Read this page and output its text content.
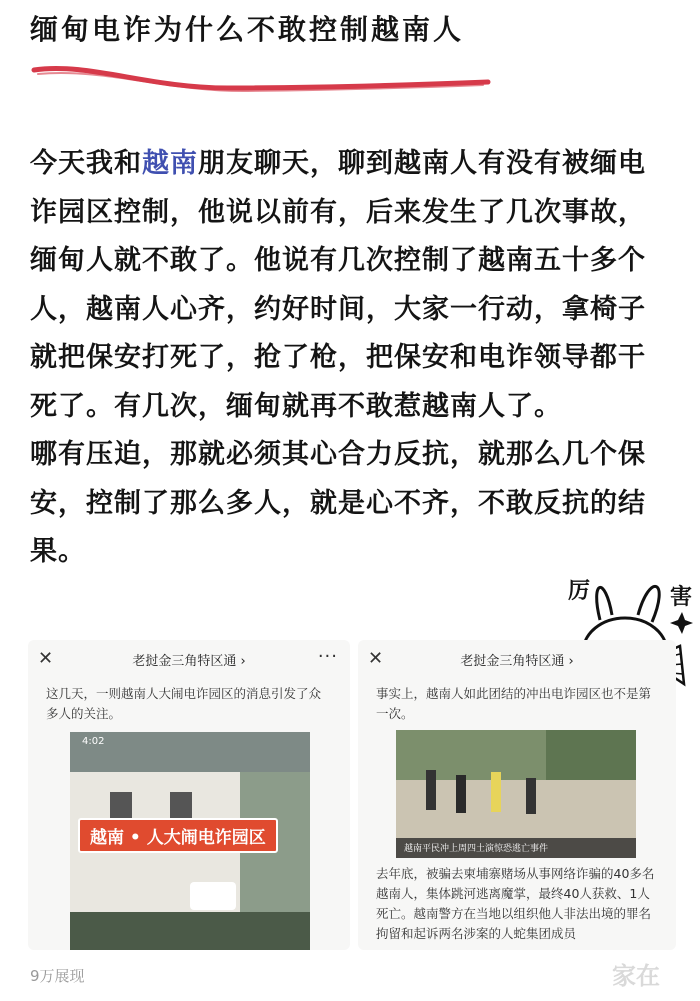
缅甸电诈为什么不敢控制越南人

今天我和越南朋友聊天，聊到越南人有没有被缅电诈园区控制，他说以前有，后来发生了几次事故，缅甸人就不敢了。他说有几次控制了越南五十多个人，越南人心齐，约好时间，大家一行动，拿椅子就把保安打死了，抢了枪，把保安和电诈领导都干死了。有几次，缅甸就再不敢惹越南人了。

哪有压迫，那就必须其心合力反抗，就那么几个保安，控制了那么多人，就是心不齐，不敢反抗的结果。

厉	害
✕	老挝金三角特区通 ›	···
这几天，一则越南人大闹电诈园区的消息引发了众多人的关注。
4:02
越南 • 人大闹电诈园区
✕	老挝金三角特区通 ›
事实上，越南人如此团结的冲出电诈园区也不是第一次。
越南平民冲上周四土演惊恐逃亡事件
去年底，被骗去柬埔寨赌场从事网络诈骗的40多名越南人，集体跳河逃离魔掌，最终40人获救、1人死亡。越南警方在当地以组织他人非法出境的罪名拘留和起诉两名涉案的人蛇集团成员
9万展现	家在
